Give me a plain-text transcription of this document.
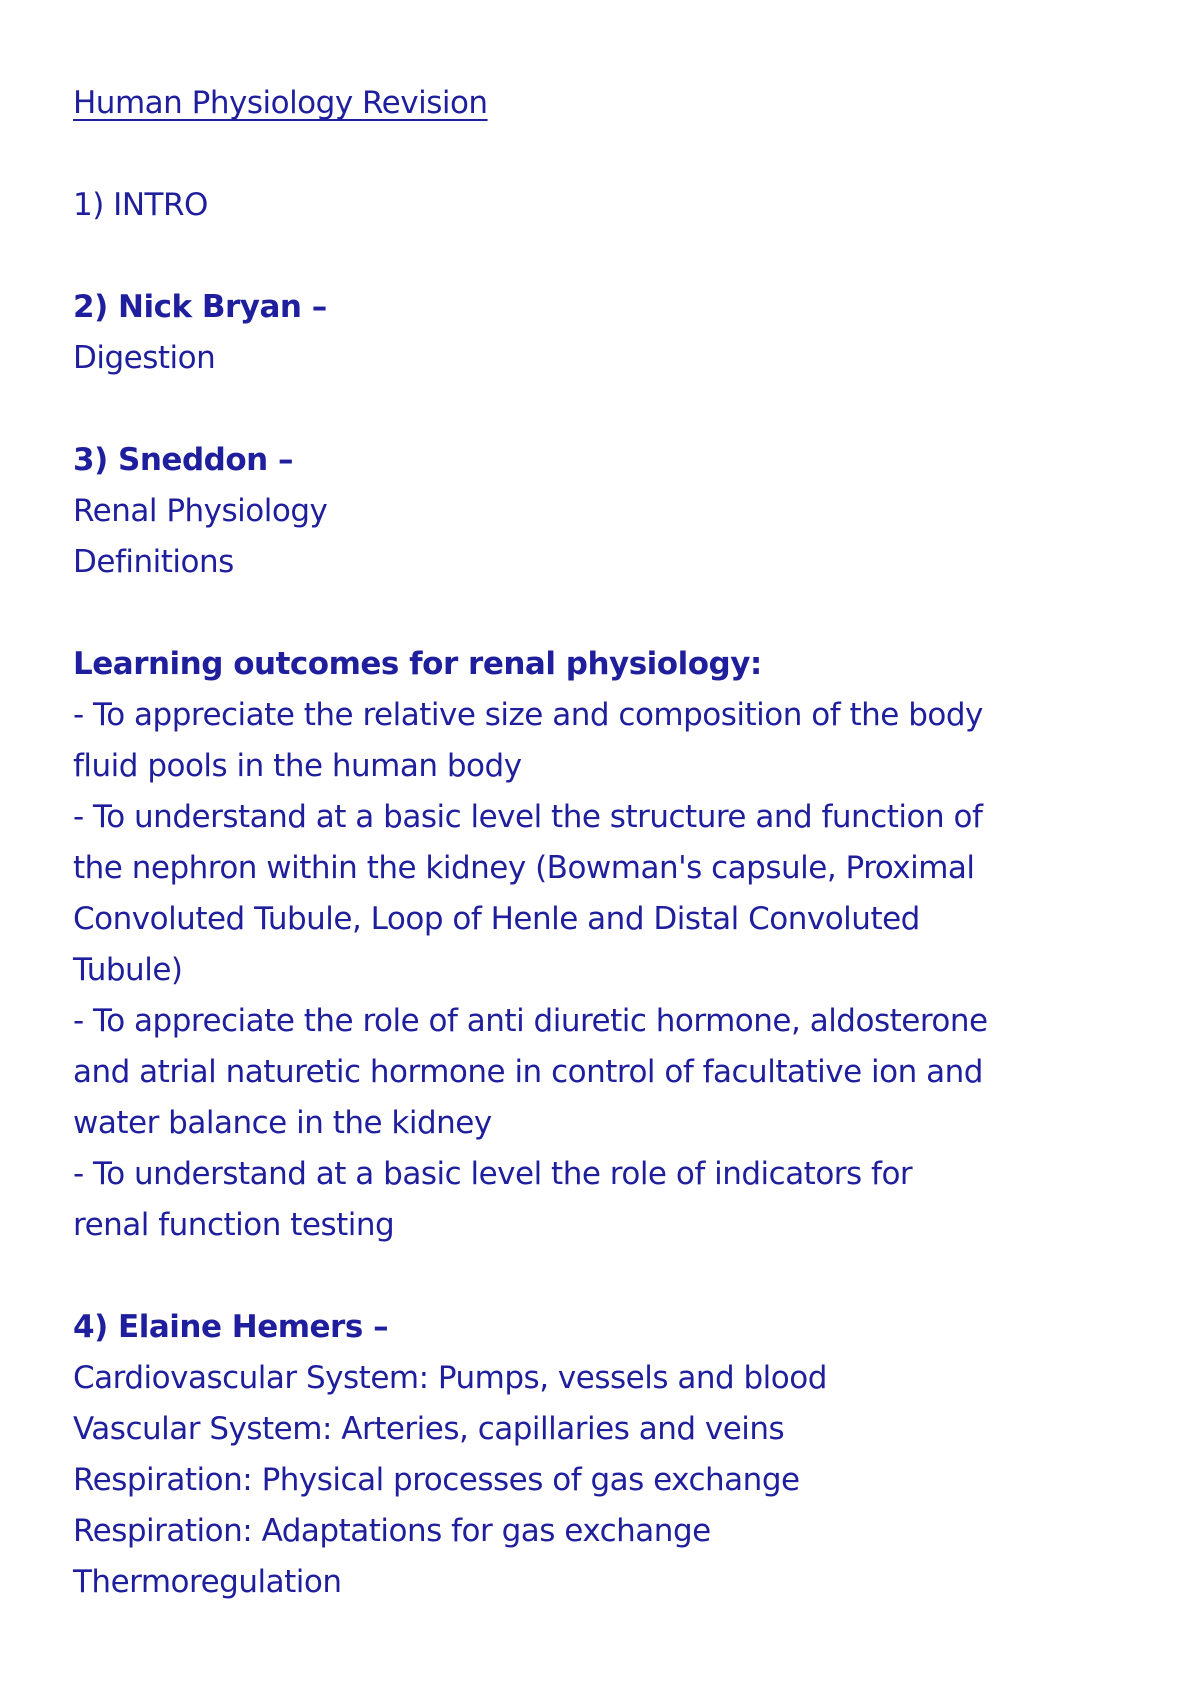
Human Physiology Revision
1) INTRO
2) Nick Bryan –
Digestion
3) Sneddon –
Renal Physiology
Definitions
Learning outcomes for renal physiology:
- To appreciate the relative size and composition of the body
fluid pools in the human body
- To understand at a basic level the structure and function of
the nephron within the kidney (Bowman's capsule, Proximal
Convoluted Tubule, Loop of Henle and Distal Convoluted
Tubule)
- To appreciate the role of anti diuretic hormone, aldosterone
and atrial naturetic hormone in control of facultative ion and
water balance in the kidney
- To understand at a basic level the role of indicators for
renal function testing
4) Elaine Hemers –
Cardiovascular System: Pumps, vessels and blood
Vascular System: Arteries, capillaries and veins
Respiration: Physical processes of gas exchange
Respiration: Adaptations for gas exchange
Thermoregulation
